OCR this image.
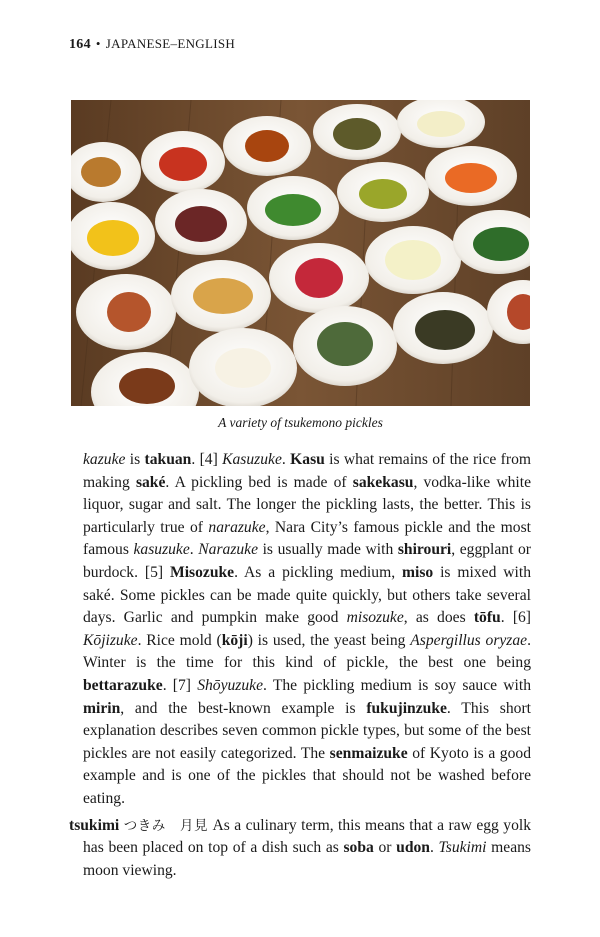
164 • JAPANESE–ENGLISH
A variety of tsukemono pickles

kazuke is takuan. [4] Kasuzuke. Kasu is what remains of the rice from making saké. A pickling bed is made of sakekasu, vodka-like white liquor, sugar and salt. The longer the pickling lasts, the better. This is particularly true of narazuke, Nara City’s famous pickle and the most famous kasuzuke. Narazuke is usually made with shirouri, eggplant or burdock. [5] Misozuke. As a pickling medium, miso is mixed with saké. Some pickles can be made quite quickly, but others take several days. Garlic and pumpkin make good misozuke, as does tōfu. [6] Kōjizuke. Rice mold (kōji) is used, the yeast being Aspergillus oryzae. Winter is the time for this kind of pickle, the best one being bettarazuke. [7] Shōyuzuke. The pickling medium is soy sauce with mirin, and the best-known example is fukujinzuke. This short explanation describes seven common pickle types, but some of the best pickles are not easily categorized. The senmaizuke of Kyoto is a good example and is one of the pickles that should not be washed before eating.

tsukimi つきみ　月見 As a culinary term, this means that a raw egg yolk has been placed on top of a dish such as soba or udon. Tsukimi means moon viewing.
